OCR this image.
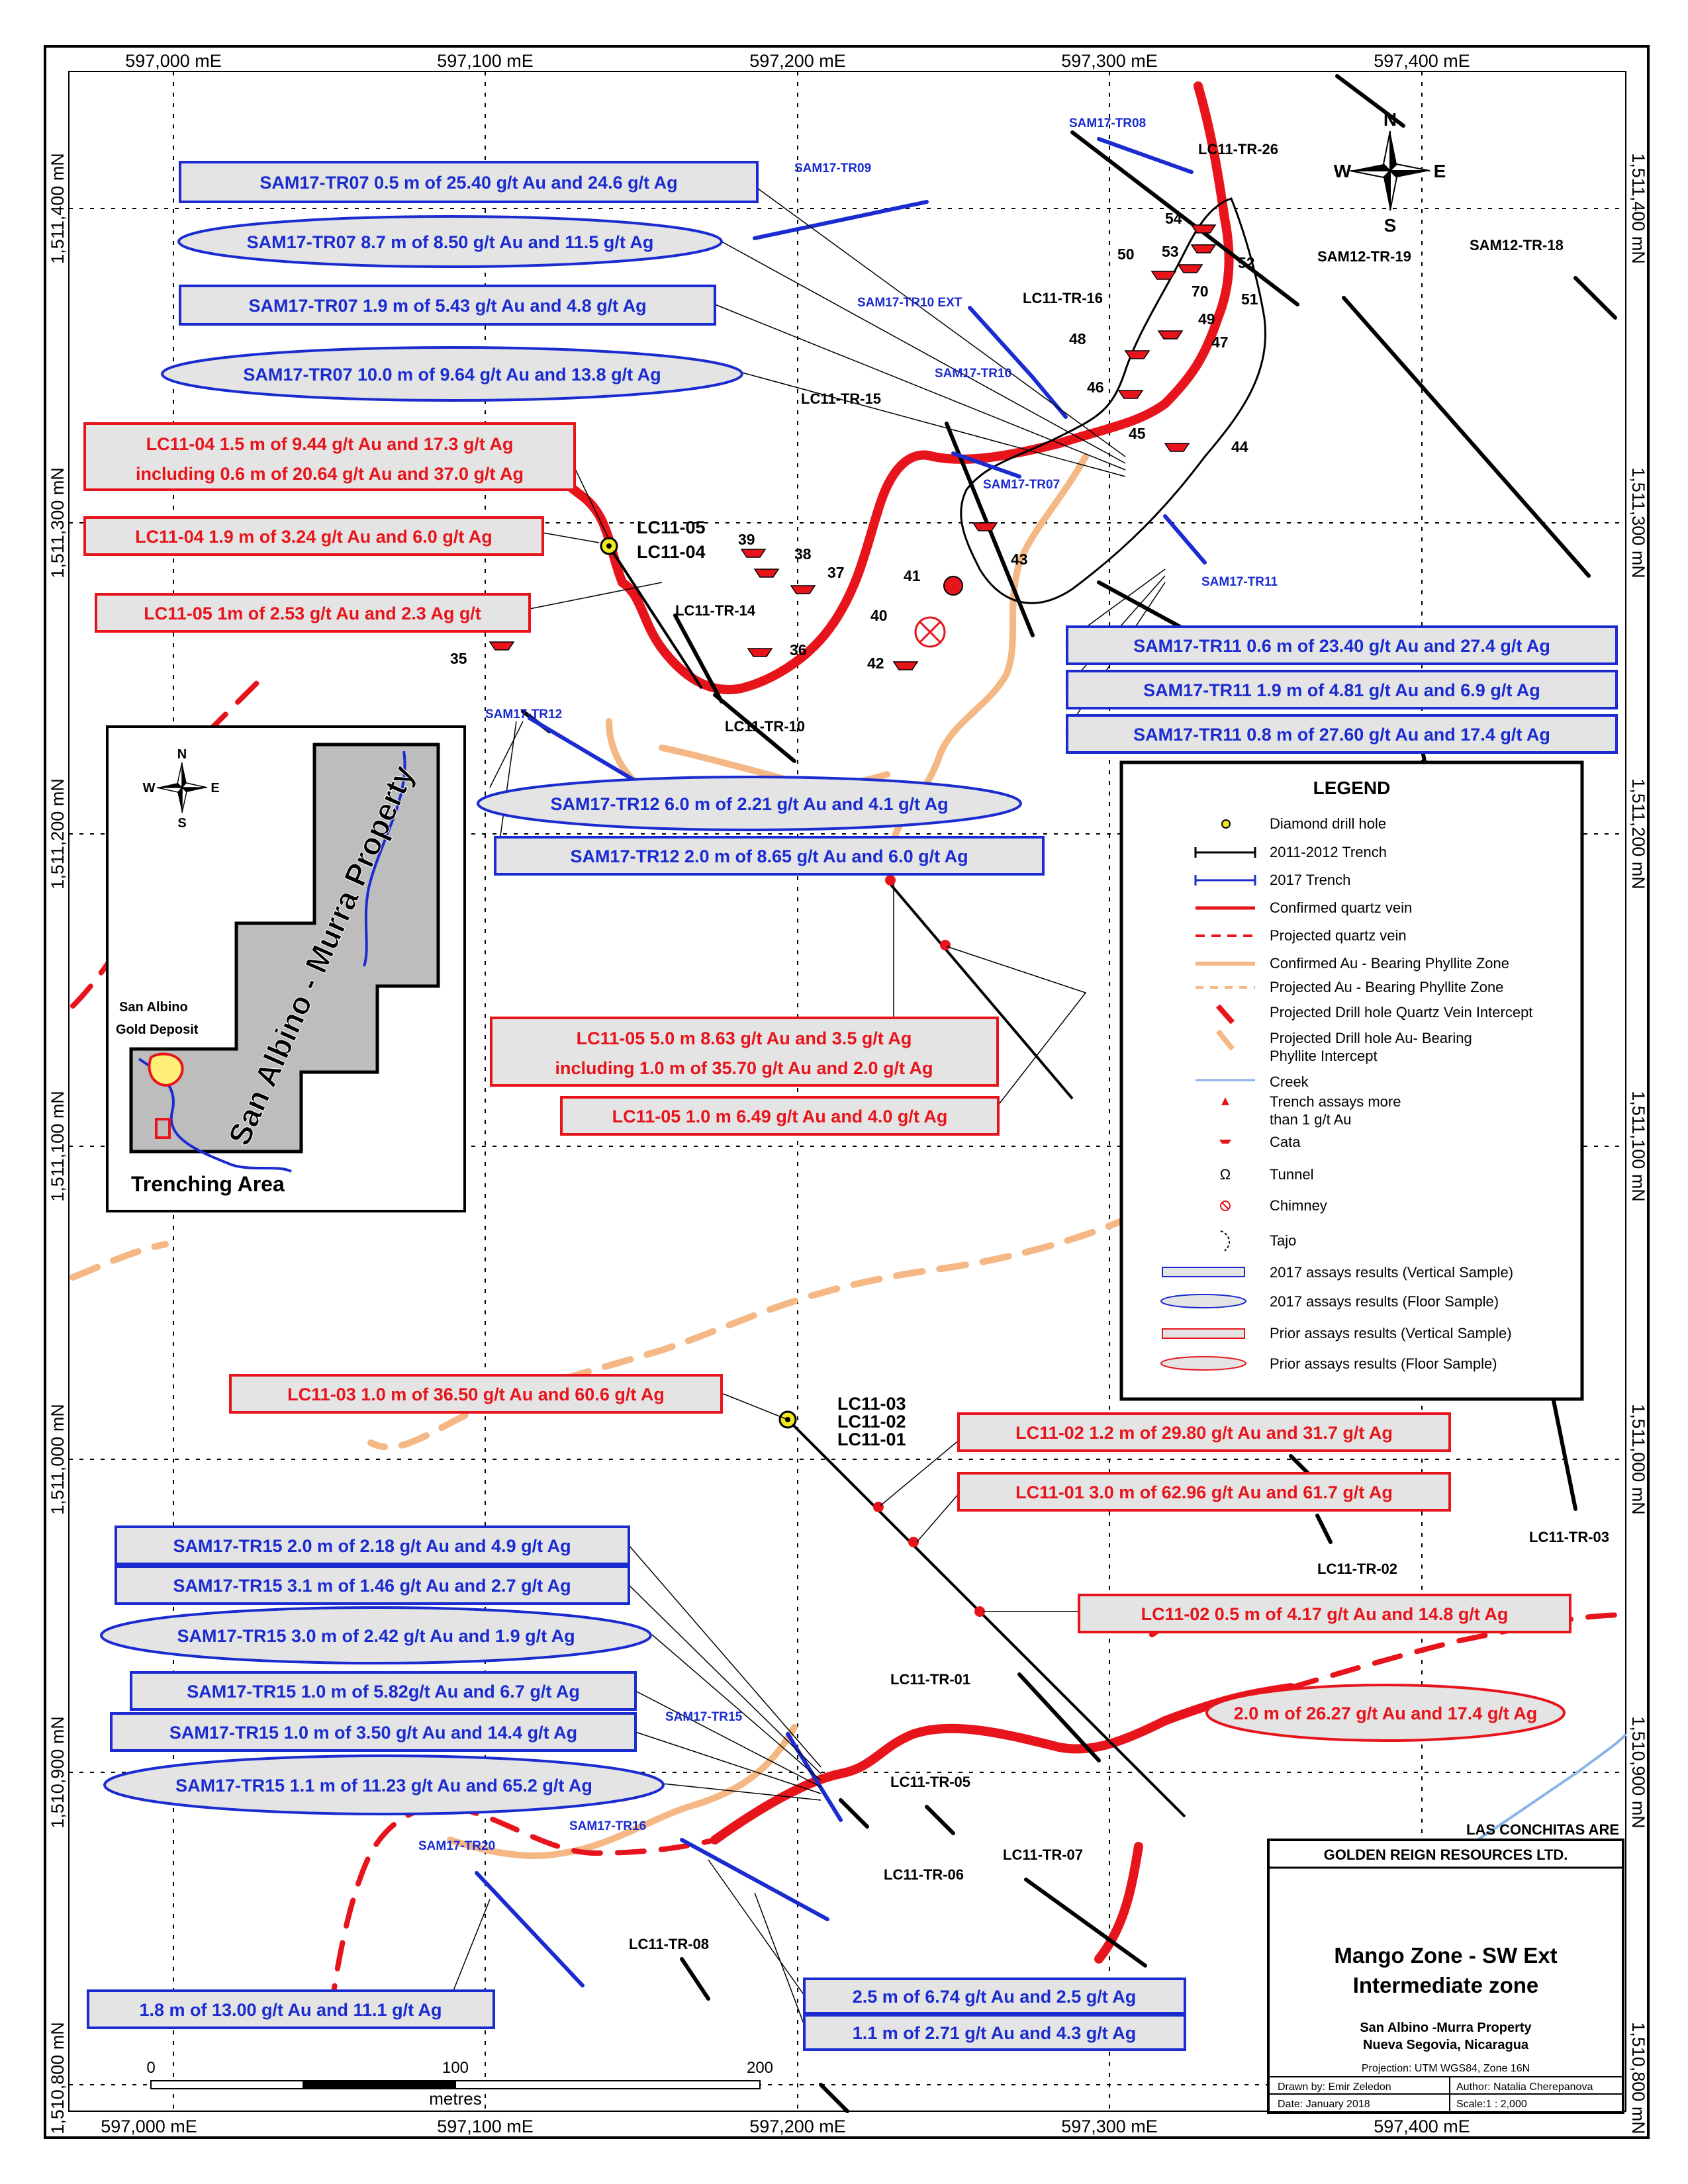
597,000 mE	597,100 mE	597,200 mE	597,300 mE	597,400 mE
597,000 mE	597,100 mE	597,200 mE	597,300 mE	597,400 mE
1,511,400 mN
1,511,300 mN
1,511,200 mN
1,511,100 mN
1,511,000 mN
1,510,900 mN
1,510,800 mN
1,511,400 mN
1,511,300 mN
1,511,200 mN
1,511,100 mN
1,511,000 mN
1,510,900 mN
1,510,800 mN
SAM17-TR08
SAM17-TR09
SAM17-TR10 EXT
SAM17-TR10
SAM17-TR07
SAM17-TR11
SAM17-TR12
SAM17-TR15
SAM17-TR16
SAM17-TR20
LC11-TR-26
LC11-TR-16
LC11-TR-15
LC11-TR-14
LC11-TR-10
LC11-TR-01
LC11-TR-05
LC11-TR-06
LC11-TR-07
LC11-TR-08
LC11-TR-02
LC11-TR-03
SAM12-TR-19
SAM12-TR-18
LC11-05
LC11-04
LC11-03
LC11-02
LC11-01
54
53
52
50
70 51
49
48	47
46
45
44
43
39
38
37	41
40
36
42
35
LAS CONCHITAS ARE
N
S
E
W
SAM17-TR07 0.5 m of 25.40 g/t Au and 24.6 g/t Ag
SAM17-TR07 8.7 m of 8.50 g/t Au and 11.5 g/t Ag
SAM17-TR07 1.9 m of 5.43 g/t Au and 4.8 g/t Ag
SAM17-TR07 10.0 m of 9.64 g/t Au and 13.8 g/t Ag
LC11-04 1.5 m of 9.44 g/t Au and 17.3 g/t Ag
including 0.6 m of 20.64 g/t Au and 37.0 g/t Ag
LC11-04 1.9 m of 3.24 g/t Au and 6.0 g/t Ag
LC11-05 1m of 2.53 g/t Au and 2.3 Ag g/t
SAM17-TR11 0.6 m of 23.40 g/t Au and 27.4 g/t Ag
SAM17-TR11 1.9 m of 4.81 g/t Au and 6.9 g/t Ag
SAM17-TR11 0.8 m of 27.60 g/t Au and 17.4 g/t Ag
SAM17-TR12 6.0 m of 2.21 g/t Au and 4.1 g/t Ag
SAM17-TR12 2.0 m of 8.65 g/t Au and 6.0 g/t Ag
LC11-05 5.0 m 8.63 g/t Au and 3.5 g/t Ag
including 1.0 m of 35.70 g/t Au and 2.0 g/t Ag
LC11-05 1.0 m 6.49 g/t Au and 4.0 g/t Ag
LC11-03 1.0 m of 36.50 g/t Au and 60.6 g/t Ag
LC11-02 1.2 m of 29.80 g/t Au and 31.7 g/t Ag
LC11-01 3.0 m of 62.96 g/t Au and 61.7 g/t Ag
LC11-02 0.5 m of 4.17 g/t Au and 14.8 g/t Ag
2.0 m of 26.27 g/t Au and 17.4 g/t Ag
SAM17-TR15 2.0 m of 2.18 g/t Au and 4.9 g/t Ag
SAM17-TR15 3.1 m of 1.46 g/t Au and 2.7 g/t Ag
SAM17-TR15 3.0 m of 2.42 g/t Au and 1.9 g/t Ag
SAM17-TR15 1.0 m of 5.82g/t Au and 6.7 g/t Ag
SAM17-TR15 1.0 m of 3.50 g/t Au and 14.4 g/t Ag
SAM17-TR15 1.1 m of 11.23 g/t Au and 65.2 g/t Ag
1.8 m of 13.00 g/t Au and 11.1 g/t Ag
2.5 m of 6.74 g/t Au and 2.5 g/t Ag
1.1 m of 2.71 g/t Au and 4.3 g/t Ag
N
S
E
W San Albino - Murra Property
San Albino
Gold Deposit
Trenching Area
LEGEND
Diamond drill hole
2011-2012 Trench
2017 Trench
Confirmed quartz vein
Projected quartz vein
Confirmed Au - Bearing Phyllite Zone
Projected Au - Bearing Phyllite Zone
Projected Drill hole Quartz Vein Intercept
Projected Drill hole Au- Bearing
Phyllite Intercept
Creek
Trench assays more
than 1 g/t Au
Cata
Ω	Tunnel
Chimney
Tajo
2017 assays results (Vertical Sample)
2017 assays results (Floor Sample)
Prior assays results (Vertical Sample)
Prior assays results (Floor Sample)
0	100	200
metres
GOLDEN REIGN RESOURCES LTD.
Mango Zone - SW Ext
Intermediate zone
San Albino -Murra Property
Nueva Segovia, Nicaragua
Projection: UTM WGS84, Zone 16N
Drawn by: Emir Zeledon	Author: Natalia Cherepanova
Date: January 2018	Scale:1 : 2,000
